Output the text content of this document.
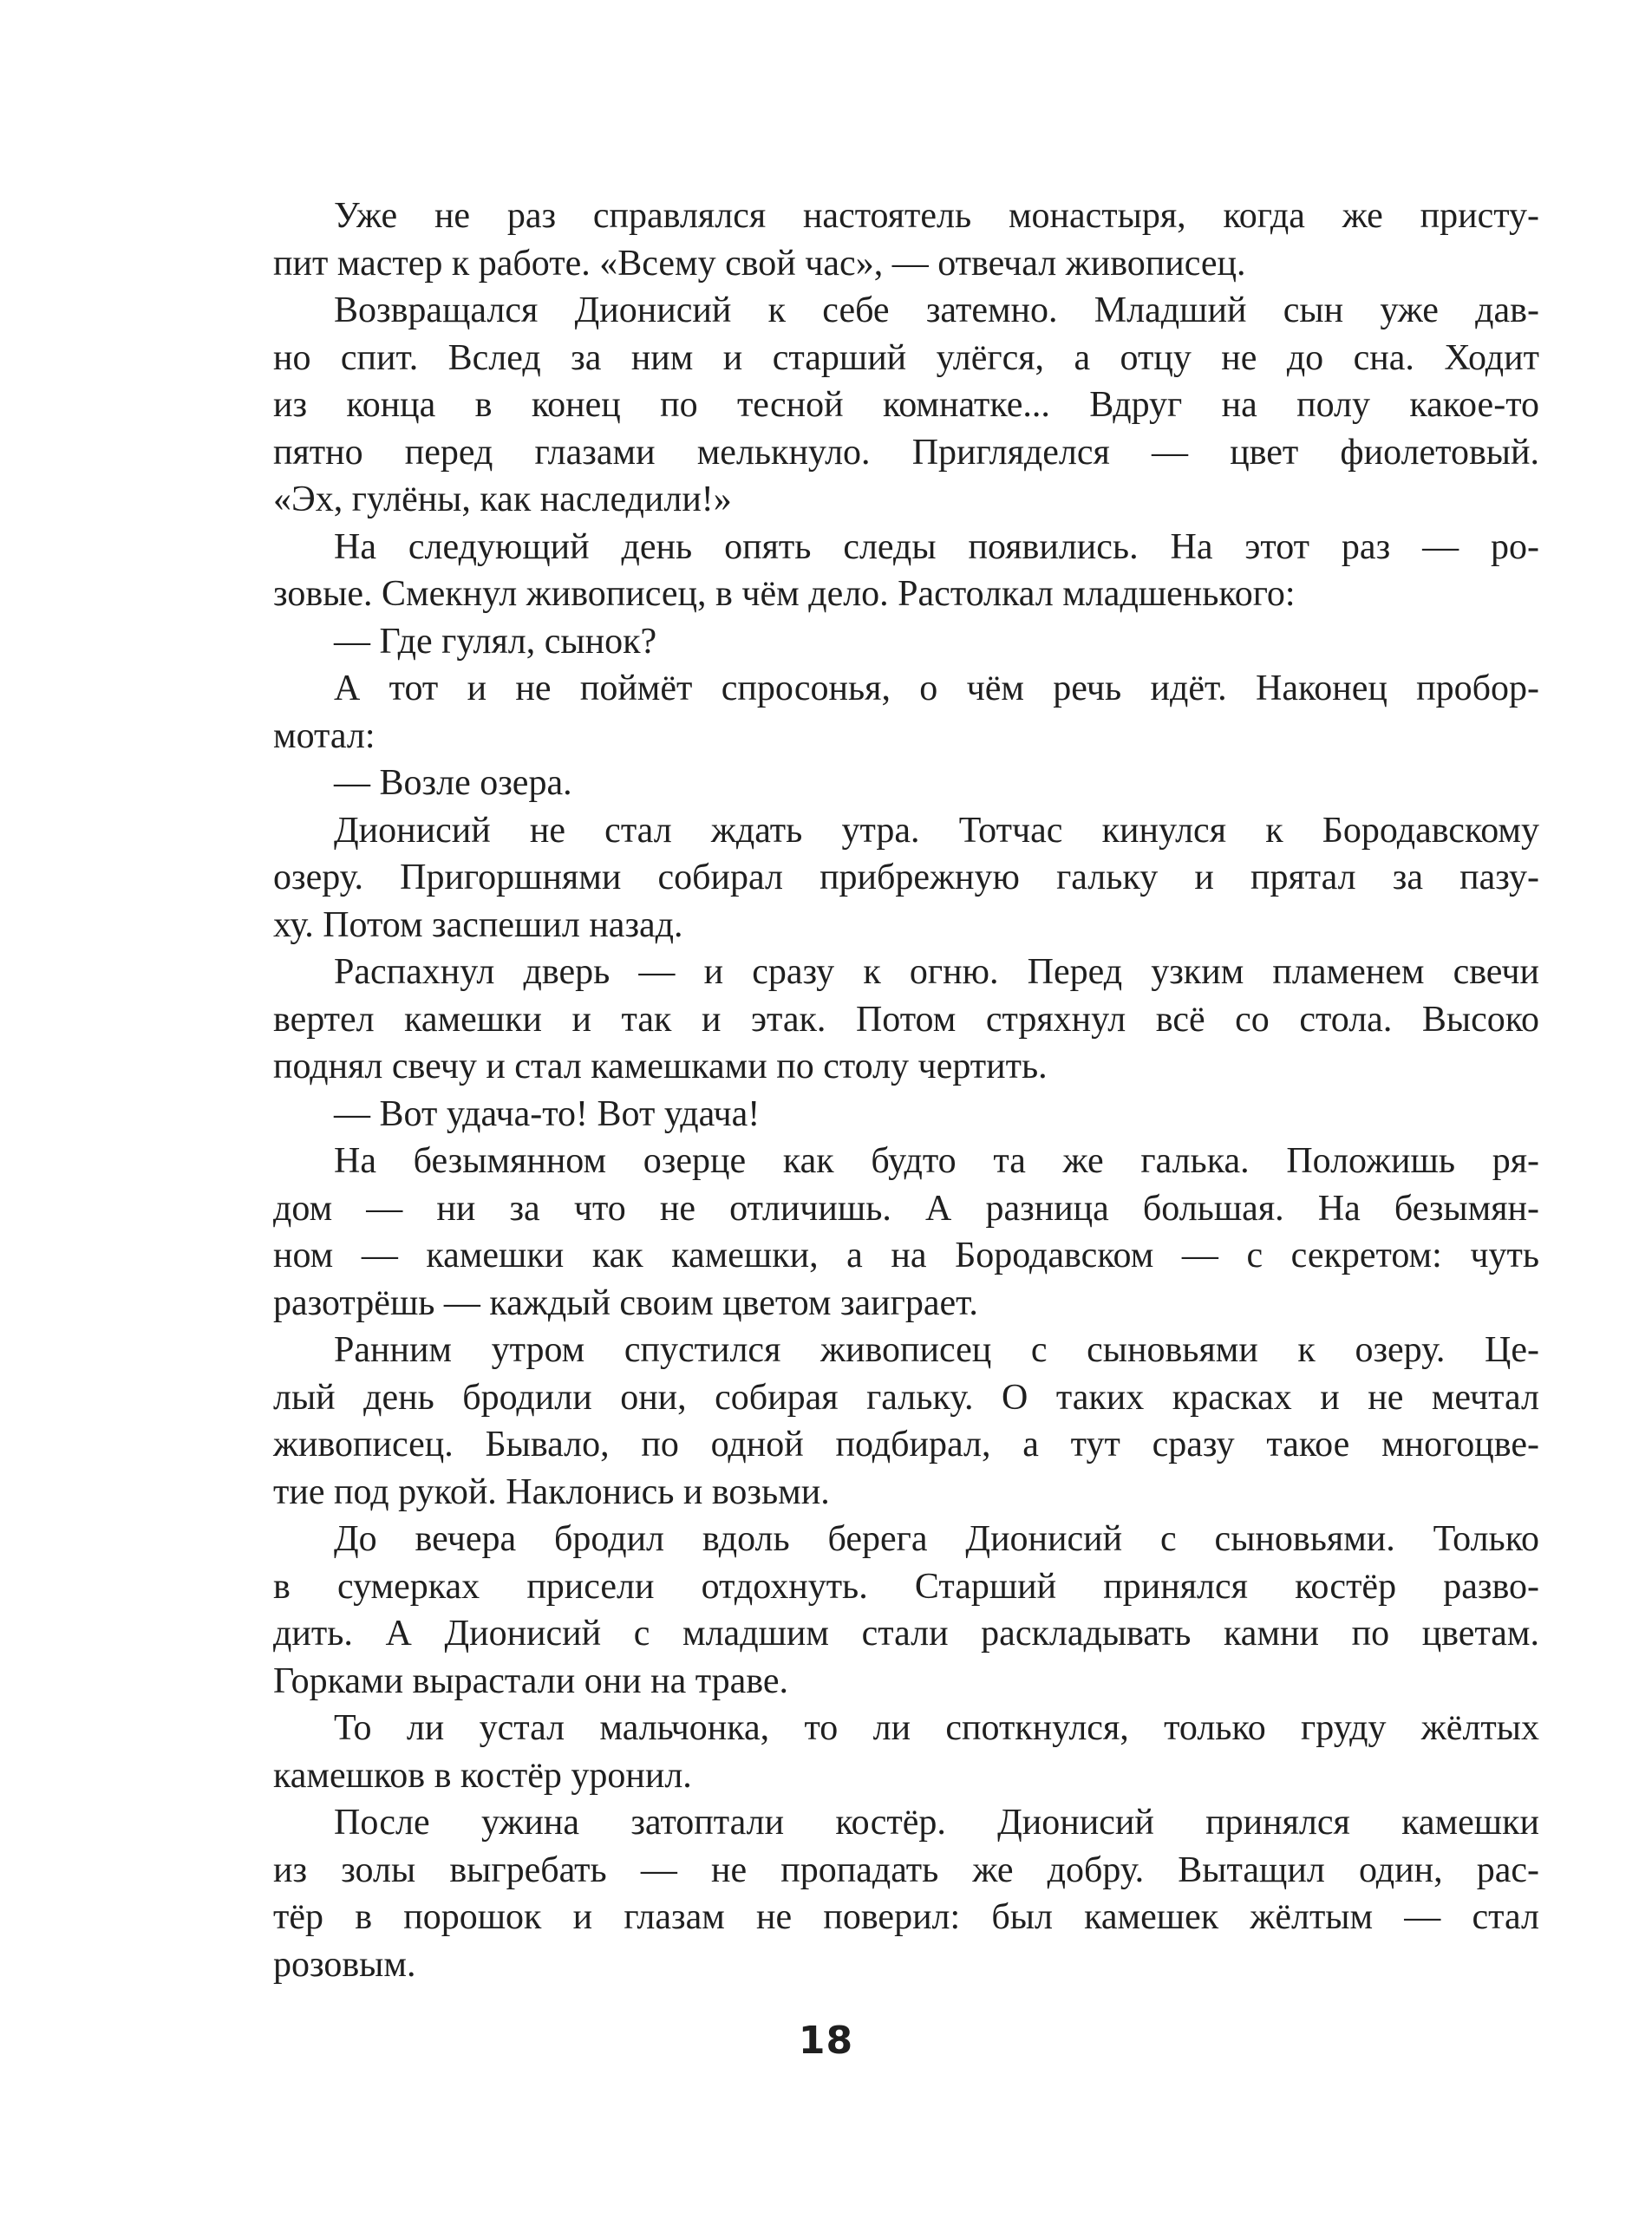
Уже не раз справлялся настоятель монастыря, когда же присту-
пит мастер к работе. «Всему свой час», — отвечал живописец.
Возвращался Дионисий к себе затемно. Младший сын уже дав-
но спит. Вслед за ним и старший улёгся, а отцу не до сна. Ходит
из конца в конец по тесной комнатке... Вдруг на полу какое-то
пятно перед глазами мелькнуло. Пригляделся — цвет фиолетовый.
«Эх, гулёны, как наследили!»
На следующий день опять следы появились. На этот раз — ро-
зовые. Смекнул живописец, в чём дело. Растолкал младшенького:
— Где гулял, сынок?
А тот и не поймёт спросонья, о чём речь идёт. Наконец пробор-
мотал:
— Возле озера.
Дионисий не стал ждать утра. Тотчас кинулся к Бородавскому
озеру. Пригоршнями собирал прибрежную гальку и прятал за пазу-
ху. Потом заспешил назад.
Распахнул дверь — и сразу к огню. Перед узким пламенем свечи
вертел камешки и так и этак. Потом стряхнул всё со стола. Высоко
поднял свечу и стал камешками по столу чертить.
— Вот удача-то! Вот удача!
На безымянном озерце как будто та же галька. Положишь ря-
дом — ни за что не отличишь. А разница большая. На безымян-
ном — камешки как камешки, а на Бородавском — с секретом: чуть
разотрёшь — каждый своим цветом заиграет.
Ранним утром спустился живописец с сыновьями к озеру. Це-
лый день бродили они, собирая гальку. О таких красках и не мечтал
живописец. Бывало, по одной подбирал, а тут сразу такое многоцве-
тие под рукой. Наклонись и возьми.
До вечера бродил вдоль берега Дионисий с сыновьями. Только
в сумерках присели отдохнуть. Старший принялся костёр разво-
дить. А Дионисий с младшим стали раскладывать камни по цветам.
Горками вырастали они на траве.
То ли устал мальчонка, то ли споткнулся, только груду жёлтых
камешков в костёр уронил.
После ужина затоптали костёр. Дионисий принялся камешки
из золы выгребать — не пропадать же добру. Вытащил один, рас-
тёр в порошок и глазам не поверил: был камешек жёлтым — стал
розовым.
18
